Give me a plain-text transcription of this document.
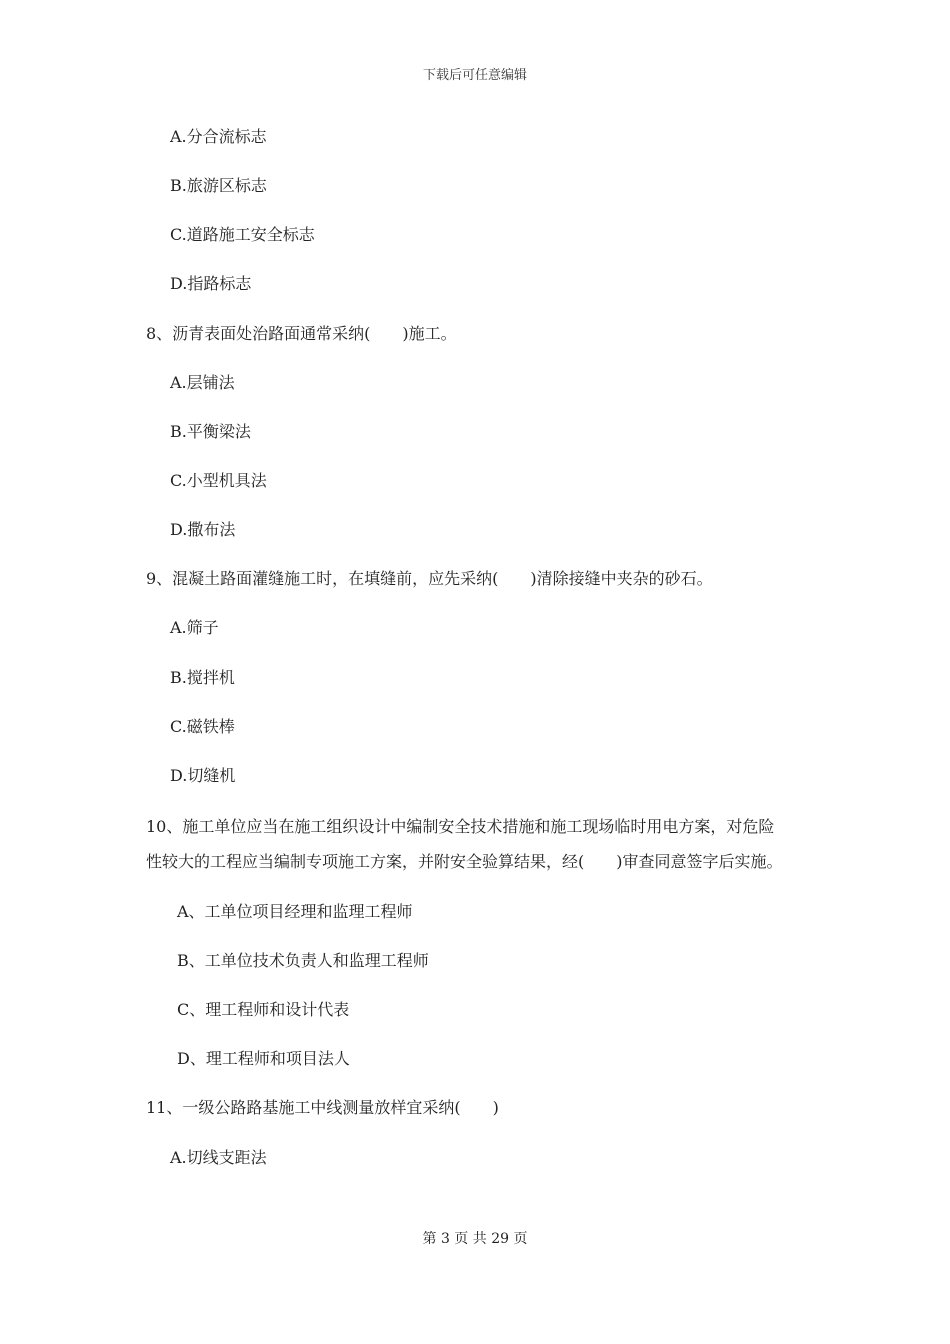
下载后可任意编辑
A.分合流标志
B.旅游区标志
C.道路施工安全标志
D.指路标志
8、沥青表面处治路面通常采纳(　　)施工。
A.层铺法
B.平衡梁法
C.小型机具法
D.撒布法
9、混凝土路面灌缝施工时，在填缝前，应先采纳(　　)清除接缝中夹杂的砂石。
A.筛子
B.搅拌机
C.磁铁棒
D.切缝机
10、施工单位应当在施工组织设计中编制安全技术措施和施工现场临时用电方案，对危险
性较大的工程应当编制专项施工方案，并附安全验算结果，经(　　)审查同意签字后实施。
A、工单位项目经理和监理工程师
B、工单位技术负责人和监理工程师
C、理工程师和设计代表
D、理工程师和项目法人
11、一级公路路基施工中线测量放样宜采纳(　　)
A.切线支距法
第 3 页 共 29 页
